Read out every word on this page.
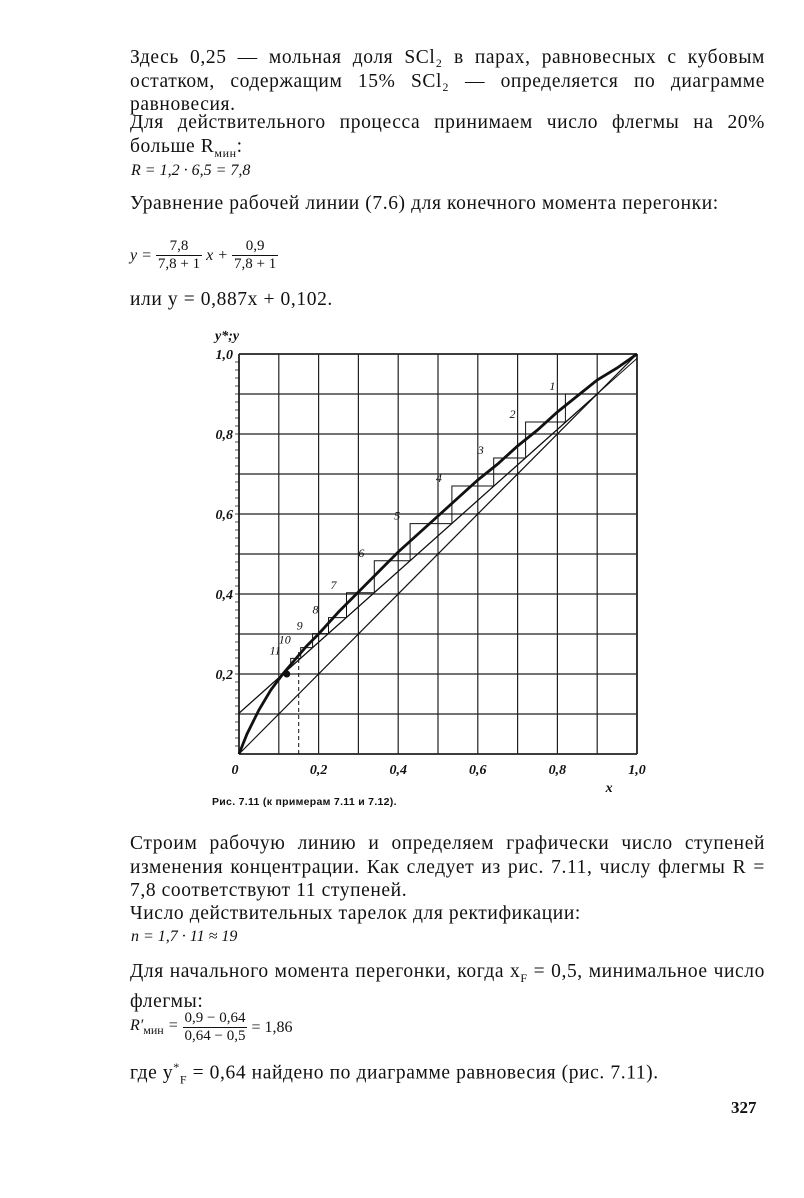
Здесь 0,25 — мольная доля SCl₂ в парах, равновесных с кубовым остатком, содержащим 15% SCl₂ — определяется по диаграмме равновесия.

Для действительного процесса принимаем число флегмы на 20% больше $R_{мин}$:

R = 1,2 · 6,5 = 7,8

Уравнение рабочей линии (7.6) для конечного момента перегонки:

$y = \frac{7,8}{7,8 + 1}$ $x + \frac{0,9}{7,8 + 1}$

или y = 0,887x + 0,102.

1
2
3
4
5
6
7
8
9
10
11
0	0,2	0,4	0,6	0,8	1,0
0,2
0,4
0,6
0,8
1,0
x
y*;y
Рис. 7.11 (к примерам 7.11 и 7.12).

Строим рабочую линию и определяем графически число ступеней изменения концентрации. Как следует из рис. 7.11, числу флегмы R = 7,8 соответствуют 11 ступеней.

Число действительных тарелок для ректификации:

n = 1,7 · 11 ≈ 19

Для начального момента перегонки, когда $x_F = 0,5$, минимальное число флегмы:

$R'_{мин} = \frac{0,9 - 0,64}{0,64 - 0,5} = 1,86$

где $y^*_F = 0,64$ найдено по диаграмме равновесия (рис. 7.11).

327
